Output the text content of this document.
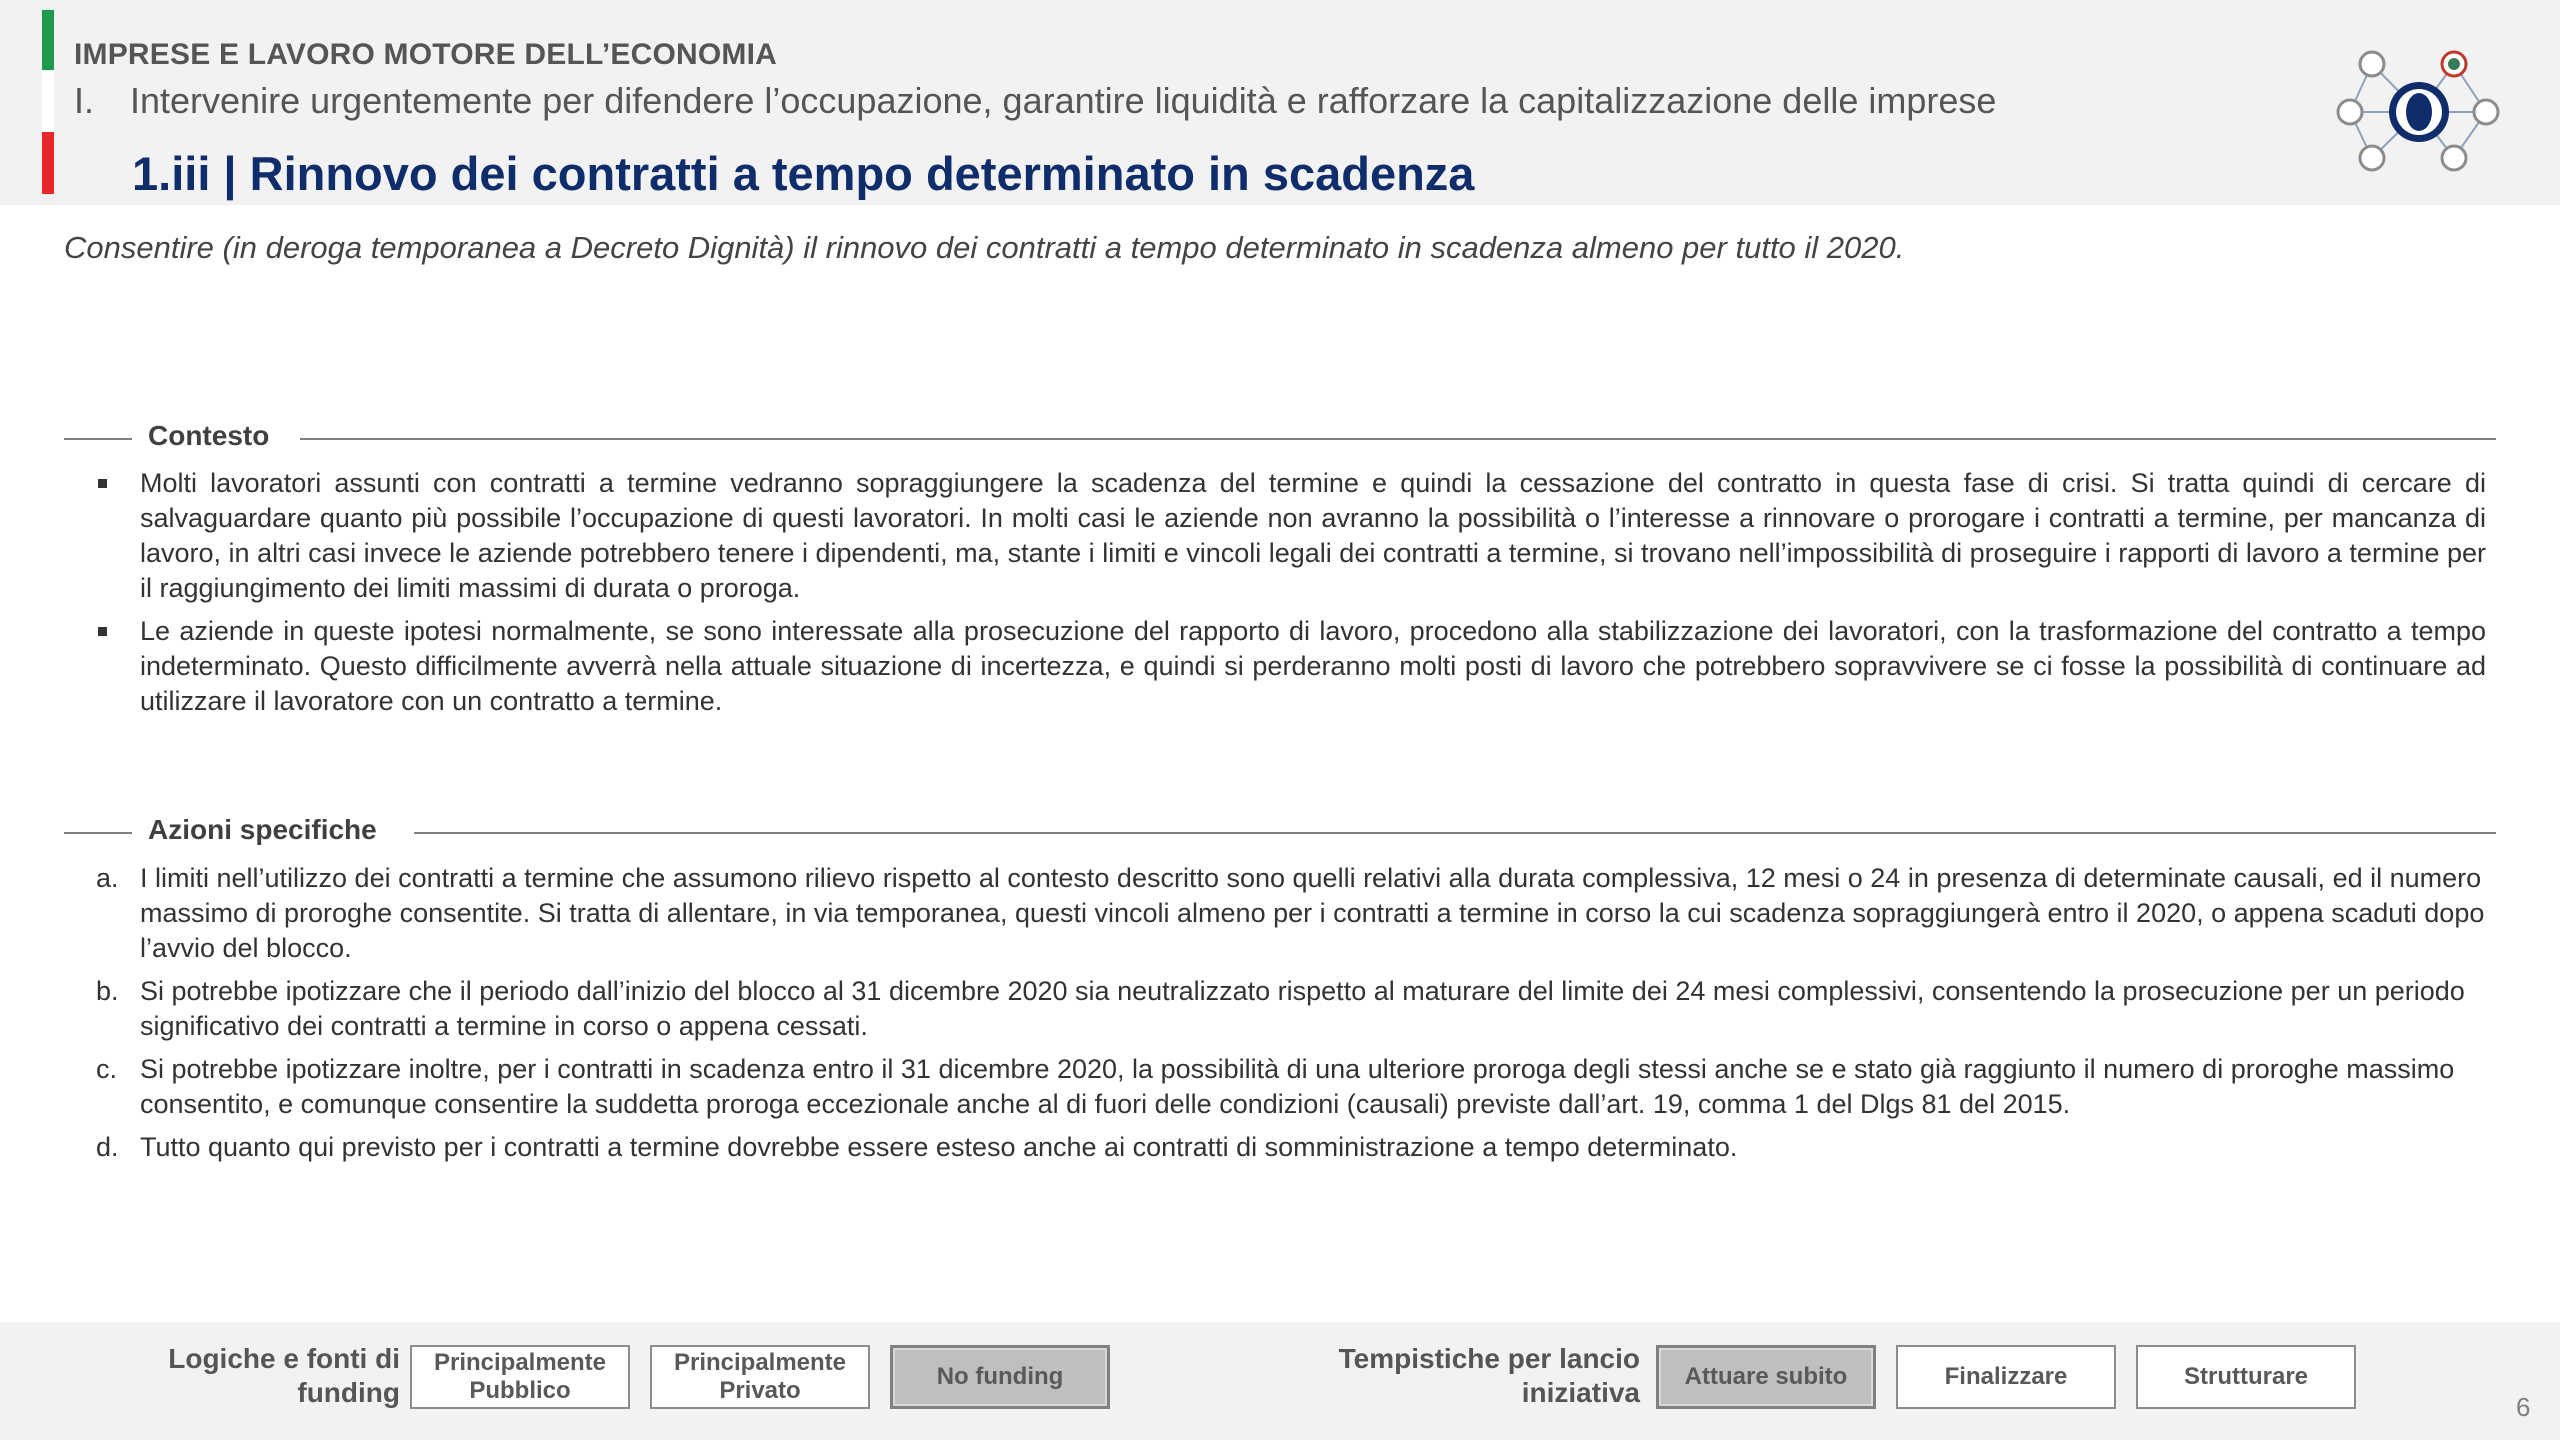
IMPRESE E LAVORO MOTORE DELL’ECONOMIA
I. Intervenire urgentemente per difendere l’occupazione, garantire liquidità e rafforzare la capitalizzazione delle imprese
1.iii | Rinnovo dei contratti a tempo determinato in scadenza
Consentire (in deroga temporanea a Decreto Dignità) il rinnovo dei contratti a tempo determinato in scadenza almeno per tutto il 2020.
Contesto
Molti lavoratori assunti con contratti a termine vedranno sopraggiungere la scadenza del termine e quindi la cessazione del contratto in questa fase di crisi. Si tratta quindi di cercare di salvaguardare quanto più possibile l’occupazione di questi lavoratori. In molti casi le aziende non avranno la possibilità o l’interesse a rinnovare o prorogare i contratti a termine, per mancanza di lavoro, in altri casi invece le aziende potrebbero tenere i dipendenti, ma, stante i limiti e vincoli legali dei contratti a termine, si trovano nell’impossibilità di proseguire i rapporti di lavoro a termine per il raggiungimento dei limiti massimi di durata o proroga.
Le aziende in queste ipotesi normalmente, se sono interessate alla prosecuzione del rapporto di lavoro, procedono alla stabilizzazione dei lavoratori, con la trasformazione del contratto a tempo indeterminato. Questo difficilmente avverrà nella attuale situazione di incertezza, e quindi si perderanno molti posti di lavoro che potrebbero sopravvivere se ci fosse la possibilità di continuare ad utilizzare il lavoratore con un contratto a termine.
Azioni specifiche
a. I limiti nell’utilizzo dei contratti a termine che assumono rilievo rispetto al contesto descritto sono quelli relativi alla durata complessiva, 12 mesi o 24 in presenza di determinate causali, ed il numero massimo di proroghe consentite. Si tratta di allentare, in via temporanea, questi vincoli almeno per i contratti a termine in corso la cui scadenza sopraggiungerà entro il 2020, o appena scaduti dopo l’avvio del blocco.
b. Si potrebbe ipotizzare che il periodo dall’inizio del blocco al 31 dicembre 2020 sia neutralizzato rispetto al maturare del limite dei 24 mesi complessivi, consentendo la prosecuzione per un periodo significativo dei contratti a termine in corso o appena cessati.
c. Si potrebbe ipotizzare inoltre, per i contratti in scadenza entro il 31 dicembre 2020, la possibilità di una ulteriore proroga degli stessi anche se e stato già raggiunto il numero di proroghe massimo consentito, e comunque consentire la suddetta proroga eccezionale anche al di fuori delle condizioni (causali) previste dall’art. 19, comma 1 del Dlgs 81 del 2015.
d. Tutto quanto qui previsto per i contratti a termine dovrebbe essere esteso anche ai contratti di somministrazione a tempo determinato.
Logiche e fonti di funding
Principalmente Pubblico
Principalmente Privato
No funding
Tempistiche per lancio iniziativa
Attuare subito	Finalizzare	Strutturare
6
